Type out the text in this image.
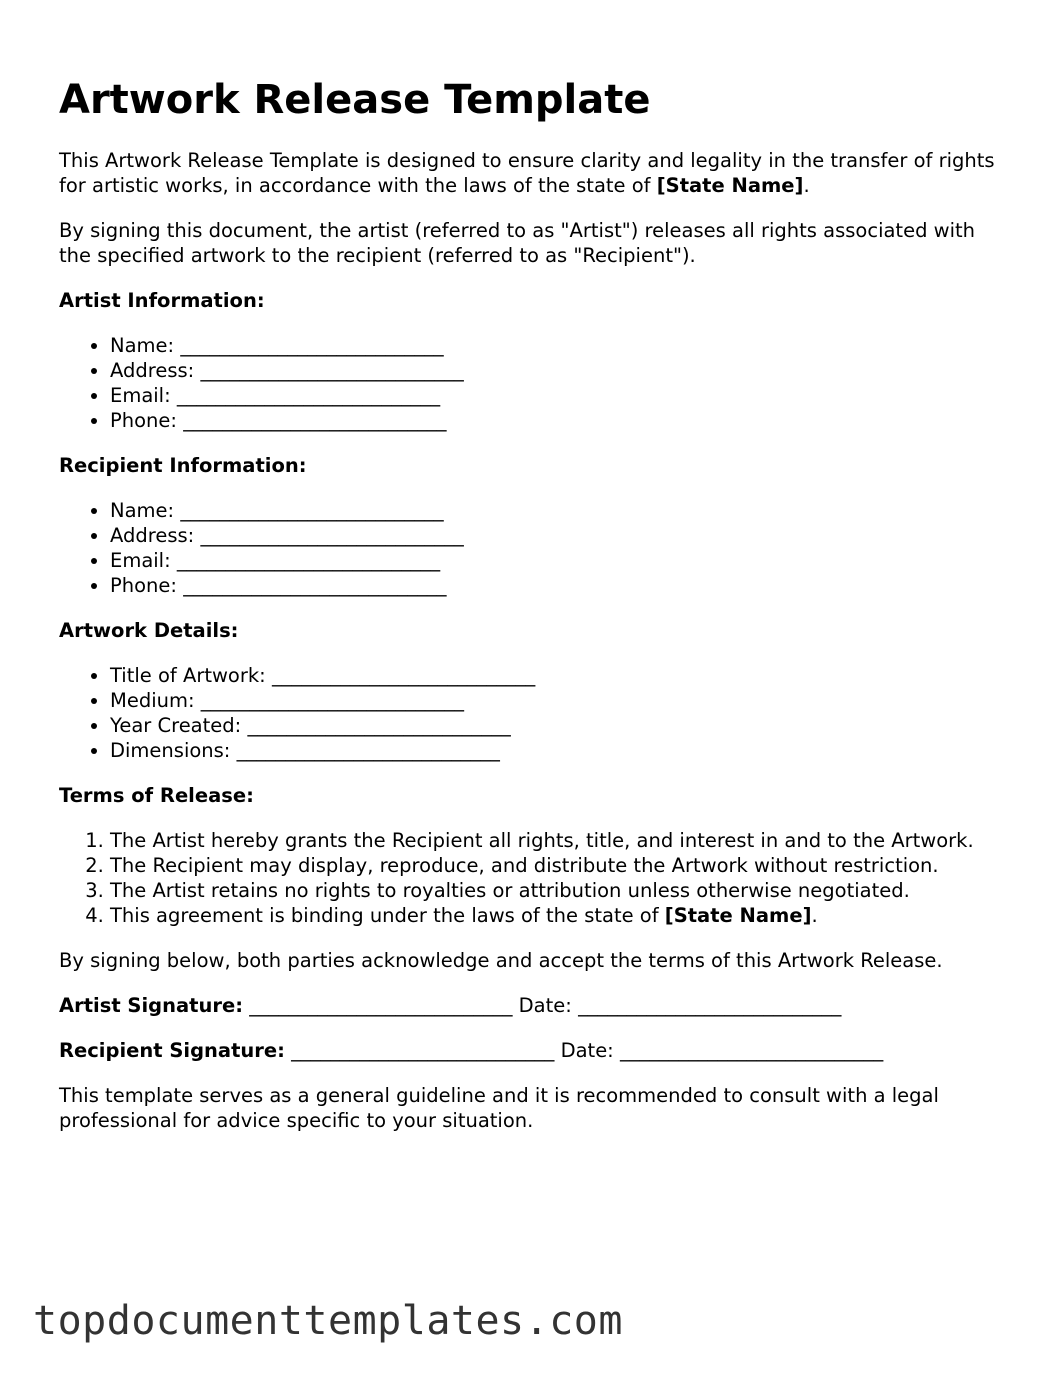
Artwork Release Template

This Artwork Release Template is designed to ensure clarity and legality in the transfer of rights for artistic works, in accordance with the laws of the state of [State Name].

By signing this document, the artist (referred to as "Artist") releases all rights associated with the specified artwork to the recipient (referred to as "Recipient").

Artist Information:
• Name: ___________________________
• Address: ___________________________
• Email: ___________________________
• Phone: ___________________________
Recipient Information:
• Name: ___________________________
• Address: ___________________________
• Email: ___________________________
• Phone: ___________________________
Artwork Details:
• Title of Artwork: ___________________________
• Medium: ___________________________
• Year Created: ___________________________
• Dimensions: ___________________________
Terms of Release:
1. The Artist hereby grants the Recipient all rights, title, and interest in and to the Artwork.
2. The Recipient may display, reproduce, and distribute the Artwork without restriction.
3. The Artist retains no rights to royalties or attribution unless otherwise negotiated.
4. This agreement is binding under the laws of the state of [State Name].

By signing below, both parties acknowledge and accept the terms of this Artwork Release.

Artist Signature: ___________________________ Date: ___________________________
Recipient Signature: ___________________________ Date: ___________________________

This template serves as a general guideline and it is recommended to consult with a legal professional for advice specific to your situation.

topdocumenttemplates.com
